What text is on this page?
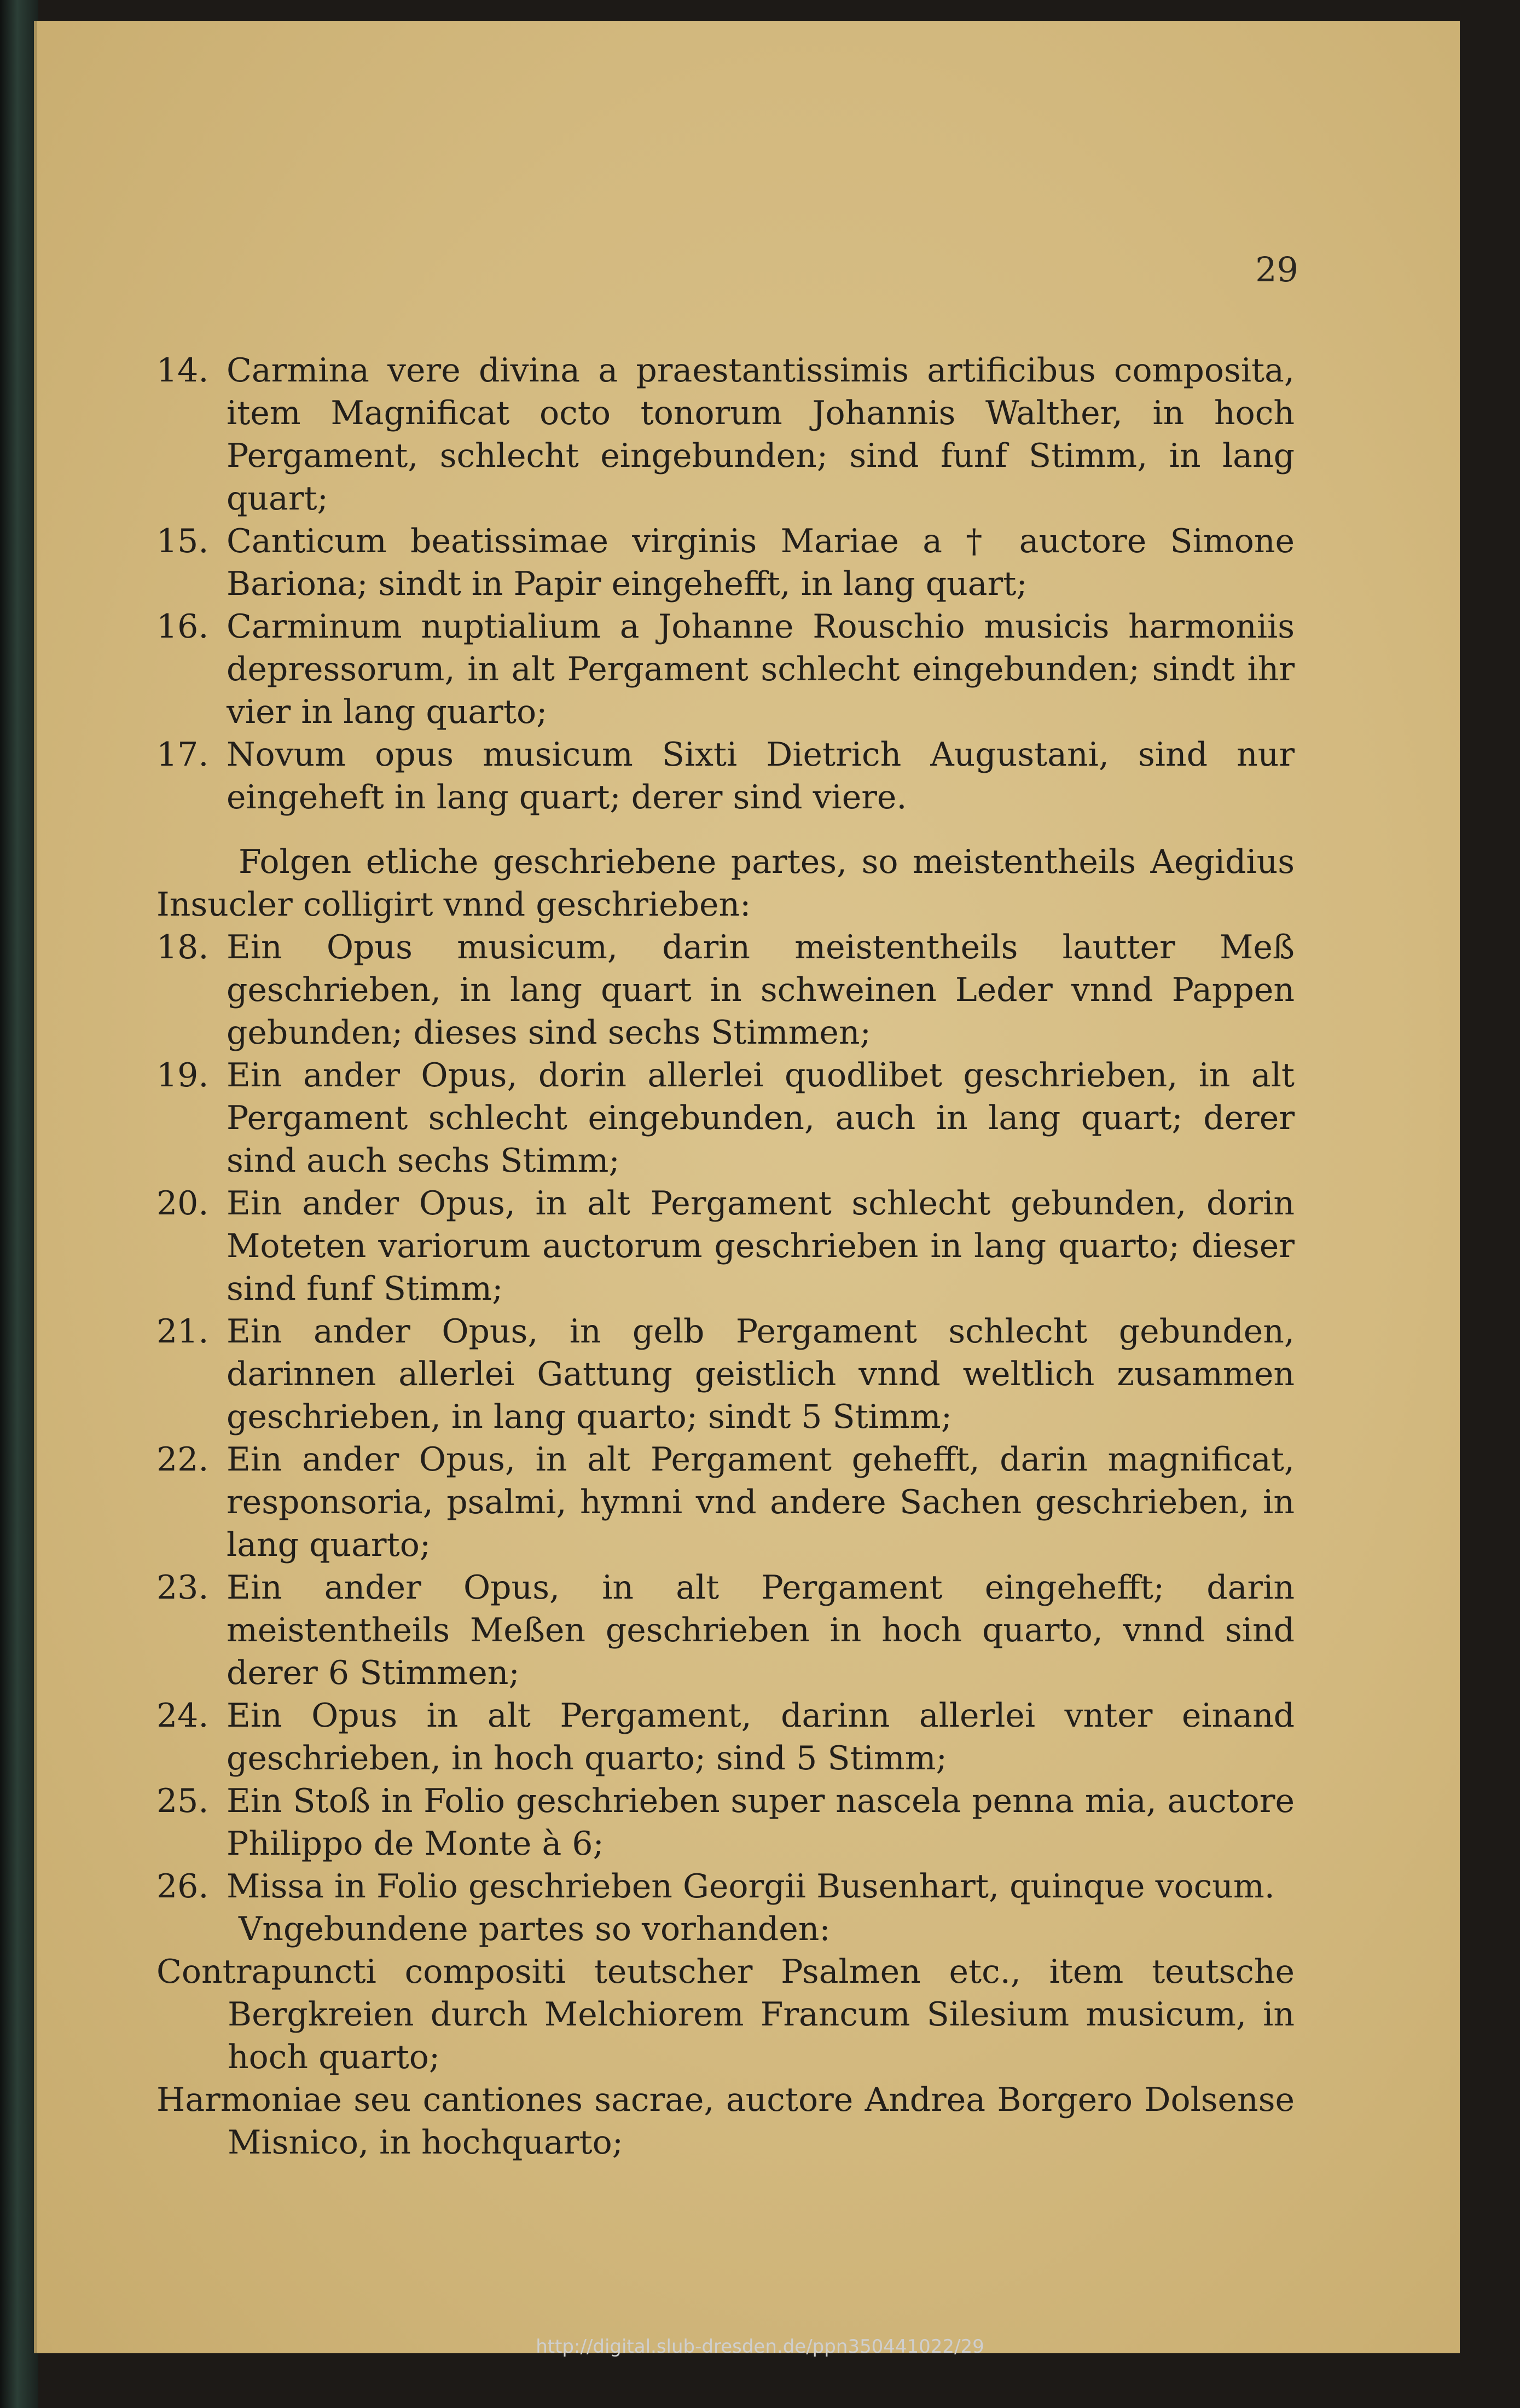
29
14. Carmina vere divina a praestantissimis artificibus composita, item Magnificat octo tonorum Johannis Walther, in hoch Pergament, schlecht eingebunden; sind funf Stimm, in lang quart;
15. Canticum beatissimae virginis Mariae a † auctore Simone Bariona; sindt in Papir eingehefft, in lang quart;
16. Carminum nuptialium a Johanne Rouschio musicis harmoniis depressorum, in alt Pergament schlecht eingebunden; sindt ihr vier in lang quarto;
17. Novum opus musicum Sixti Dietrich Augustani, sind nur eingeheft in lang quart; derer sind viere.

Folgen etliche geschriebene partes, so meistentheils Aegidius Insucler colligirt vnnd geschrieben:

18. Ein Opus musicum, darin meistentheils lautter Meß geschrieben, in lang quart in schweinen Leder vnnd Pappen gebunden; dieses sind sechs Stimmen;
19. Ein ander Opus, dorin allerlei quodlibet geschrieben, in alt Pergament schlecht eingebunden, auch in lang quart; derer sind auch sechs Stimm;
20. Ein ander Opus, in alt Pergament schlecht gebunden, dorin Moteten variorum auctorum geschrieben in lang quarto; dieser sind funf Stimm;
21. Ein ander Opus, in gelb Pergament schlecht gebunden, darinnen allerlei Gattung geistlich vnnd weltlich zusammen geschrieben, in lang quarto; sindt 5 Stimm;
22. Ein ander Opus, in alt Pergament gehefft, darin magnificat, responsoria, psalmi, hymni vnd andere Sachen geschrieben, in lang quarto;
23. Ein ander Opus, in alt Pergament eingehefft; darin meistentheils Meßen geschrieben in hoch quarto, vnnd sind derer 6 Stimmen;
24. Ein Opus in alt Pergament, darinn allerlei vnter einand geschrieben, in hoch quarto; sind 5 Stimm;
25. Ein Stoß in Folio geschrieben super nascela penna mia, auctore Philippo de Monte à 6;
26. Missa in Folio geschrieben Georgii Busenhart, quinque vocum.

Vngebundene partes so vorhanden:

Contrapuncti compositi teutscher Psalmen etc., item teutsche Bergkreien durch Melchiorem Francum Silesium musicum, in hoch quarto;

Harmoniae seu cantiones sacrae, auctore Andrea Borgero Dolsense Misnico, in hochquarto;

http://digital.slub-dresden.de/ppn350441022/29
